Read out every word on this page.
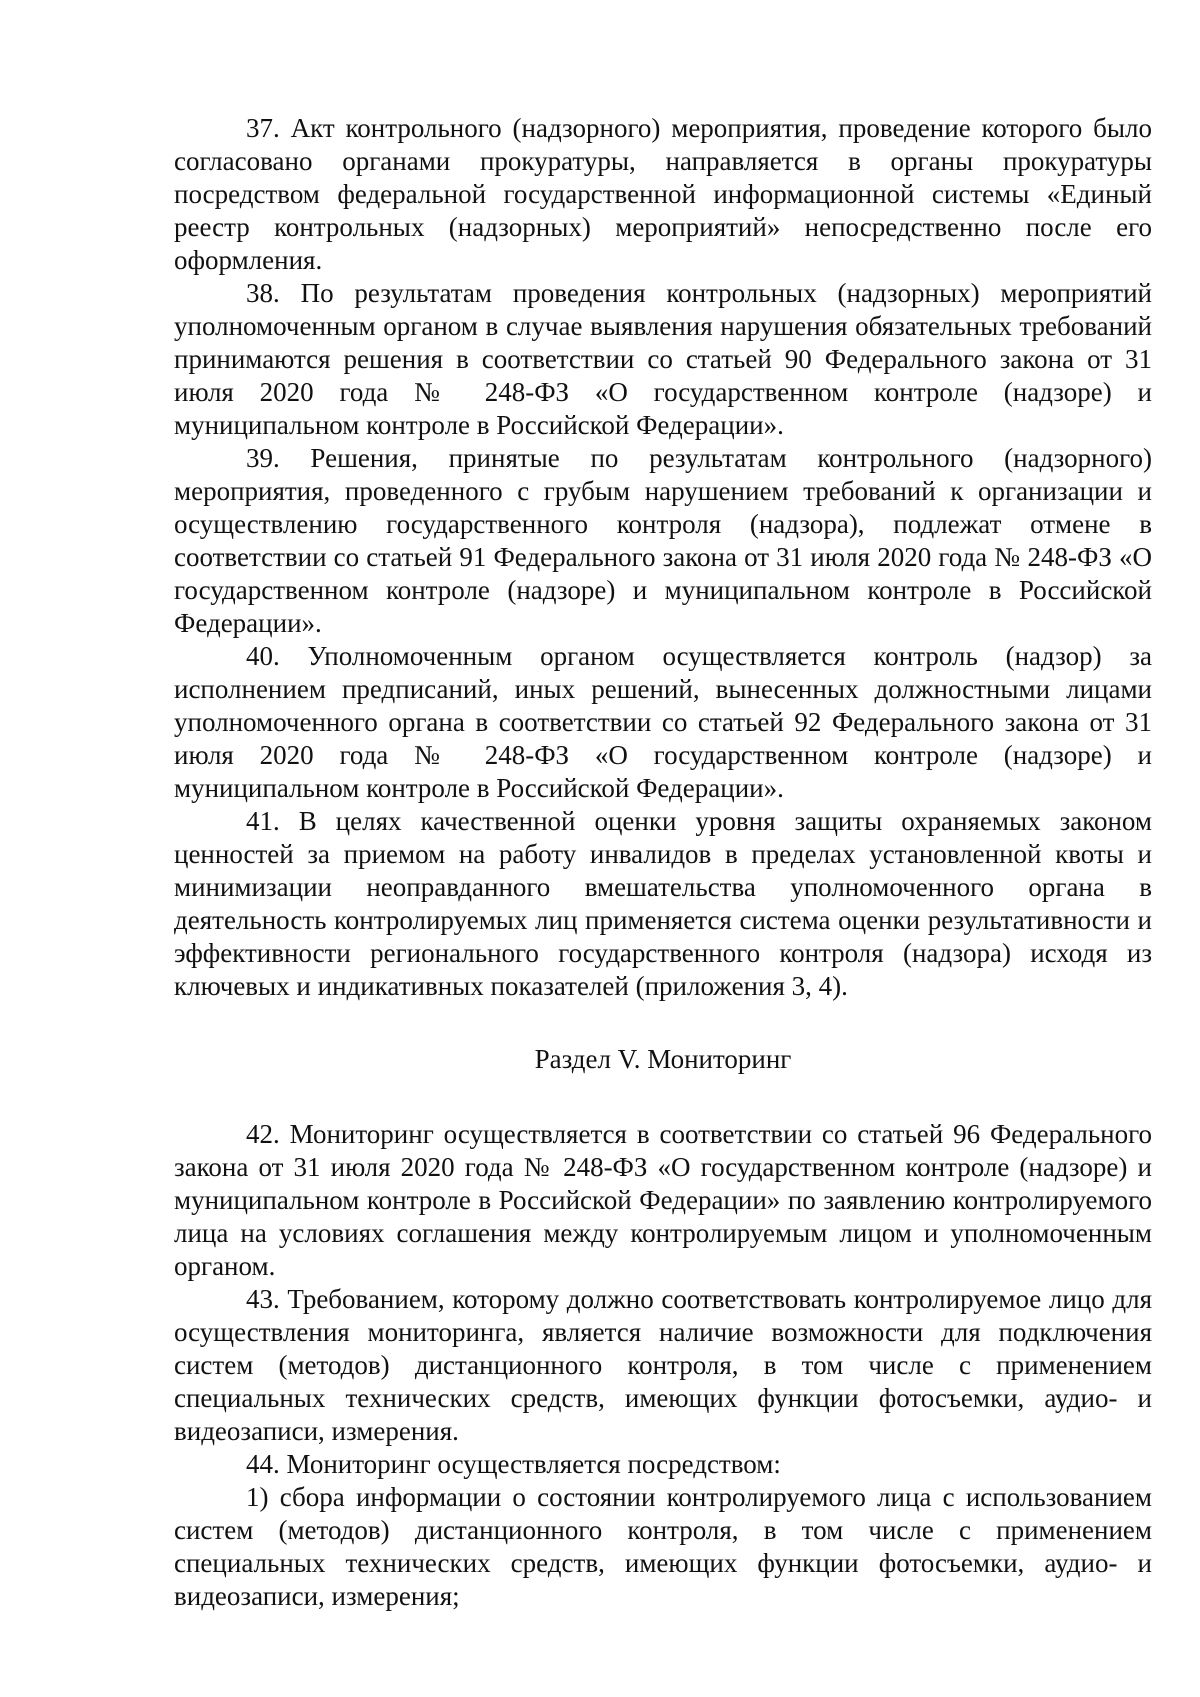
37. Акт контрольного (надзорного) мероприятия, проведение которого было согласовано органами прокуратуры, направляется в органы прокуратуры посредством федеральной государственной информационной системы «Единый реестр контрольных (надзорных) мероприятий» непосредственно после его оформления.

38. По результатам проведения контрольных (надзорных) мероприятий уполномоченным органом в случае выявления нарушения обязательных требований принимаются решения в соответствии со статьей 90 Федерального закона от 31 июля 2020 года № 248-ФЗ «О государственном контроле (надзоре) и муниципальном контроле в Российской Федерации».

39. Решения, принятые по результатам контрольного (надзорного) мероприятия, проведенного с грубым нарушением требований к организации и осуществлению государственного контроля (надзора), подлежат отмене в соответствии со статьей 91 Федерального закона от 31 июля 2020 года № 248-ФЗ «О государственном контроле (надзоре) и муниципальном контроле в Российской Федерации».

40. Уполномоченным органом осуществляется контроль (надзор) за исполнением предписаний, иных решений, вынесенных должностными лицами уполномоченного органа в соответствии со статьей 92 Федерального закона от 31 июля 2020 года № 248-ФЗ «О государственном контроле (надзоре) и муниципальном контроле в Российской Федерации».

41. В целях качественной оценки уровня защиты охраняемых законом ценностей за приемом на работу инвалидов в пределах установленной квоты и минимизации неоправданного вмешательства уполномоченного органа в деятельность контролируемых лиц применяется система оценки результативности и эффективности регионального государственного контроля (надзора) исходя из ключевых и индикативных показателей (приложения 3, 4).

Раздел V. Мониторинг

42. Мониторинг осуществляется в соответствии со статьей 96 Федерального закона от 31 июля 2020 года № 248-ФЗ «О государственном контроле (надзоре) и муниципальном контроле в Российской Федерации» по заявлению контролируемого лица на условиях соглашения между контролируемым лицом и уполномоченным органом.

43. Требованием, которому должно соответствовать контролируемое лицо для осуществления мониторинга, является наличие возможности для подключения систем (методов) дистанционного контроля, в том числе с применением специальных технических средств, имеющих функции фотосъемки, аудио- и видеозаписи, измерения.

44. Мониторинг осуществляется посредством:

1) сбора информации о состоянии контролируемого лица с использованием систем (методов) дистанционного контроля, в том числе с применением специальных технических средств, имеющих функции фотосъемки, аудио- и видеозаписи, измерения;
